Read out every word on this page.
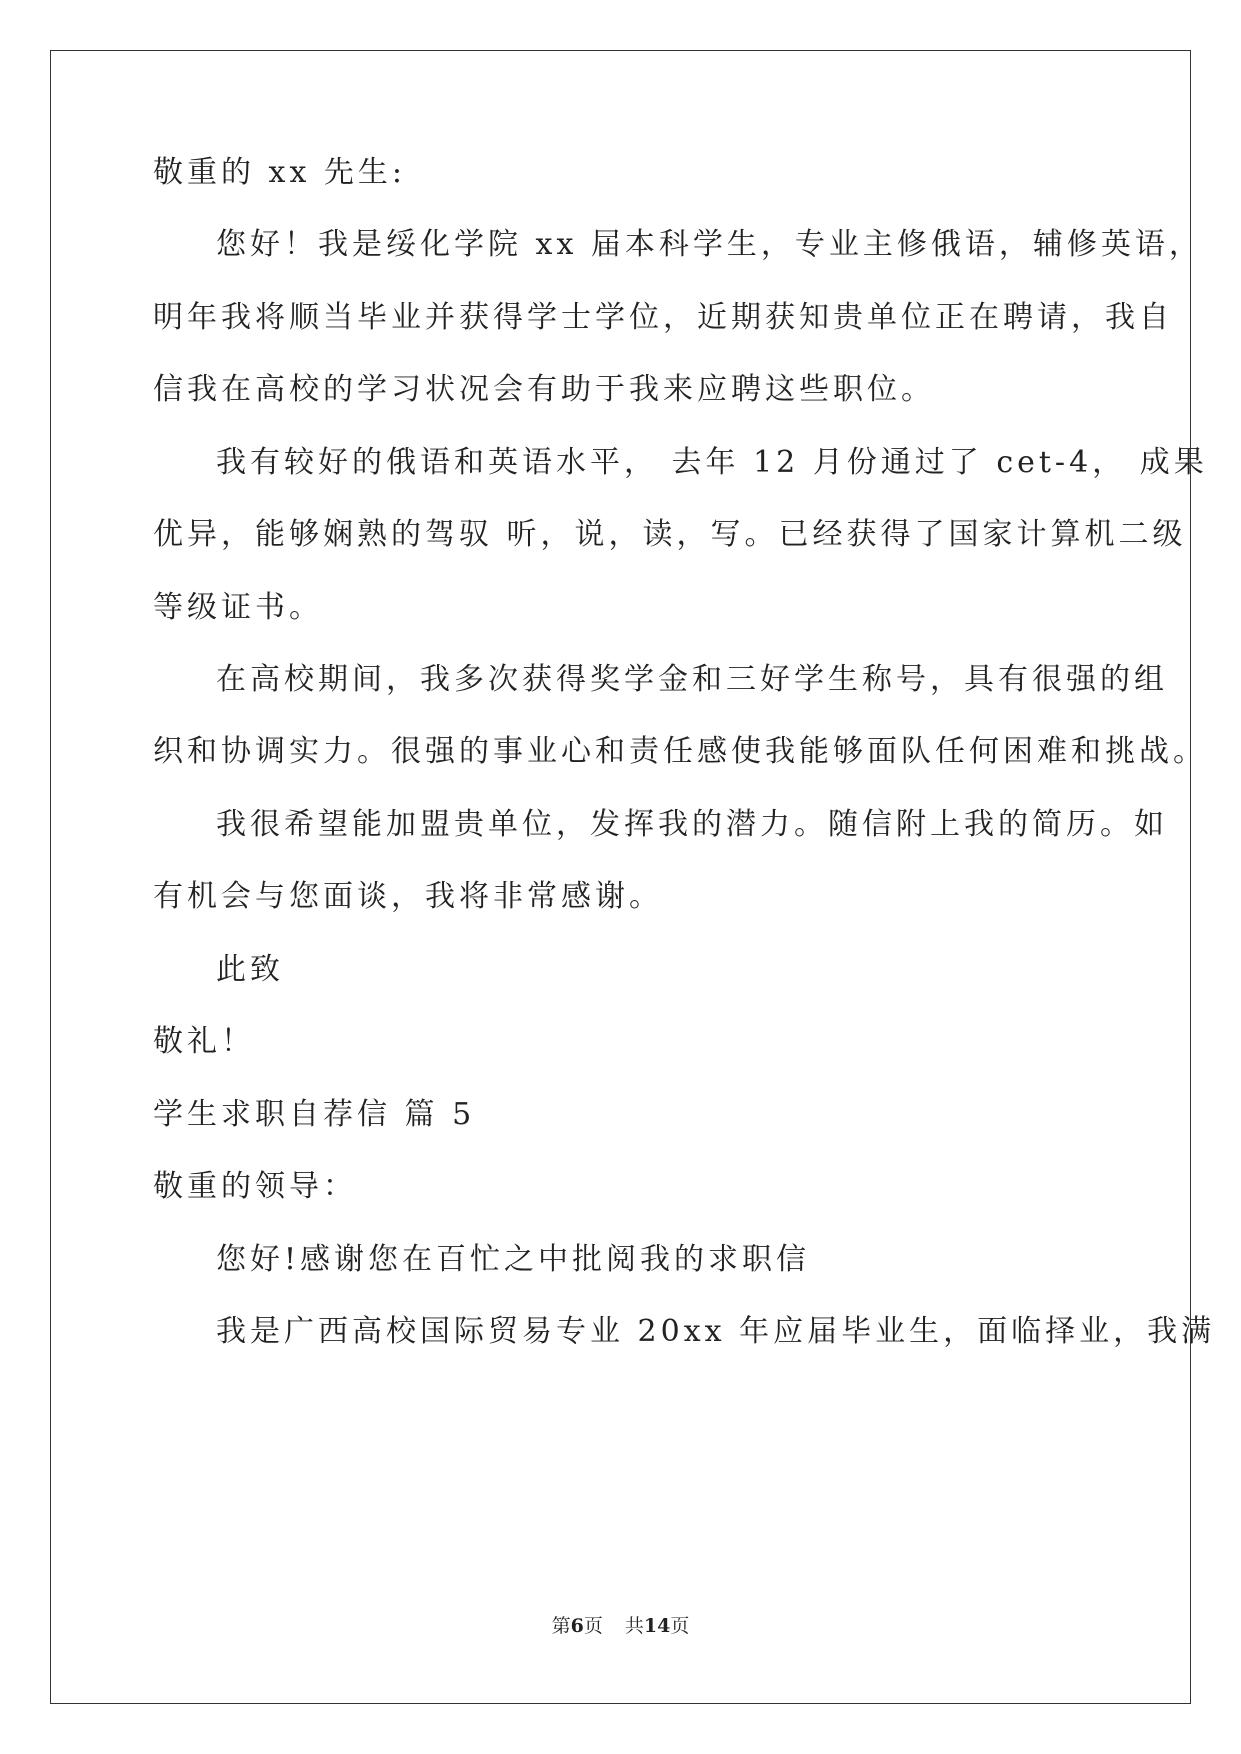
敬重的 xx 先生:
您好！我是绥化学院 xx 届本科学生，专业主修俄语，辅修英语，
明年我将顺当毕业并获得学士学位，近期获知贵单位正在聘请，我自
信我在高校的学习状况会有助于我来应聘这些职位。
我有较好的俄语和英语水平， 去年 12 月份通过了 cet-4， 成果
优异，能够娴熟的驾驭 听，说，读，写。已经获得了国家计算机二级
等级证书。
在高校期间，我多次获得奖学金和三好学生称号，具有很强的组
织和协调实力。很强的事业心和责任感使我能够面队任何困难和挑战。
我很希望能加盟贵单位，发挥我的潜力。随信附上我的简历。如
有机会与您面谈，我将非常感谢。
此致
敬礼！
学生求职自荐信 篇 5
敬重的领导：
您好!感谢您在百忙之中批阅我的求职信
我是广西高校国际贸易专业 20xx 年应届毕业生，面临择业，我满
第6页 共14页
